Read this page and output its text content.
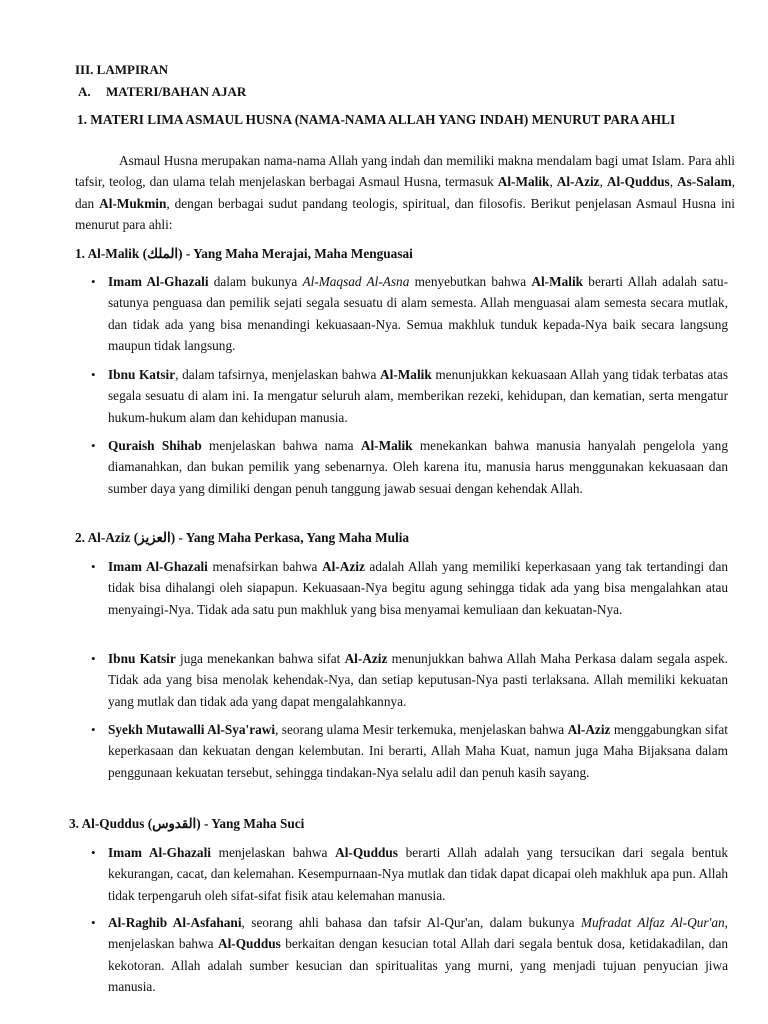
III. LAMPIRAN
A. MATERI/BAHAN AJAR
1. MATERI LIMA ASMAUL HUSNA (NAMA-NAMA ALLAH YANG INDAH) MENURUT PARA AHLI

Asmaul Husna merupakan nama-nama Allah yang indah dan memiliki makna mendalam bagi umat Islam. Para ahli tafsir, teolog, dan ulama telah menjelaskan berbagai Asmaul Husna, termasuk Al-Malik, Al-Aziz, Al-Quddus, As-Salam, dan Al-Mukmin, dengan berbagai sudut pandang teologis, spiritual, dan filosofis. Berikut penjelasan Asmaul Husna ini menurut para ahli:

1. Al-Malik (الملك) - Yang Maha Merajai, Maha Menguasai
• Imam Al-Ghazali dalam bukunya Al-Maqsad Al-Asna menyebutkan bahwa Al-Malik berarti Allah adalah satu-satunya penguasa dan pemilik sejati segala sesuatu di alam semesta. Allah menguasai alam semesta secara mutlak, dan tidak ada yang bisa menandingi kekuasaan-Nya. Semua makhluk tunduk kepada-Nya baik secara langsung maupun tidak langsung.
• Ibnu Katsir, dalam tafsirnya, menjelaskan bahwa Al-Malik menunjukkan kekuasaan Allah yang tidak terbatas atas segala sesuatu di alam ini. Ia mengatur seluruh alam, memberikan rezeki, kehidupan, dan kematian, serta mengatur hukum-hukum alam dan kehidupan manusia.
• Quraish Shihab menjelaskan bahwa nama Al-Malik menekankan bahwa manusia hanyalah pengelola yang diamanahkan, dan bukan pemilik yang sebenarnya. Oleh karena itu, manusia harus menggunakan kekuasaan dan sumber daya yang dimiliki dengan penuh tanggung jawab sesuai dengan kehendak Allah.
2. Al-Aziz (العزيز) - Yang Maha Perkasa, Yang Maha Mulia
• Imam Al-Ghazali menafsirkan bahwa Al-Aziz adalah Allah yang memiliki keperkasaan yang tak tertandingi dan tidak bisa dihalangi oleh siapapun. Kekuasaan-Nya begitu agung sehingga tidak ada yang bisa mengalahkan atau menyaingi-Nya. Tidak ada satu pun makhluk yang bisa menyamai kemuliaan dan kekuatan-Nya.
• Ibnu Katsir juga menekankan bahwa sifat Al-Aziz menunjukkan bahwa Allah Maha Perkasa dalam segala aspek. Tidak ada yang bisa menolak kehendak-Nya, dan setiap keputusan-Nya pasti terlaksana. Allah memiliki kekuatan yang mutlak dan tidak ada yang dapat mengalahkannya.
• Syekh Mutawalli Al-Sya'rawi, seorang ulama Mesir terkemuka, menjelaskan bahwa Al-Aziz menggabungkan sifat keperkasaan dan kekuatan dengan kelembutan. Ini berarti, Allah Maha Kuat, namun juga Maha Bijaksana dalam penggunaan kekuatan tersebut, sehingga tindakan-Nya selalu adil dan penuh kasih sayang.
3. Al-Quddus (القدوس) - Yang Maha Suci
• Imam Al-Ghazali menjelaskan bahwa Al-Quddus berarti Allah adalah yang tersucikan dari segala bentuk kekurangan, cacat, dan kelemahan. Kesempurnaan-Nya mutlak dan tidak dapat dicapai oleh makhluk apa pun. Allah tidak terpengaruh oleh sifat-sifat fisik atau kelemahan manusia.
• Al-Raghib Al-Asfahani, seorang ahli bahasa dan tafsir Al-Qur'an, dalam bukunya Mufradat Alfaz Al-Qur'an, menjelaskan bahwa Al-Quddus berkaitan dengan kesucian total Allah dari segala bentuk dosa, ketidakadilan, dan kekotoran. Allah adalah sumber kesucian dan spiritualitas yang murni, yang menjadi tujuan penyucian jiwa manusia.
